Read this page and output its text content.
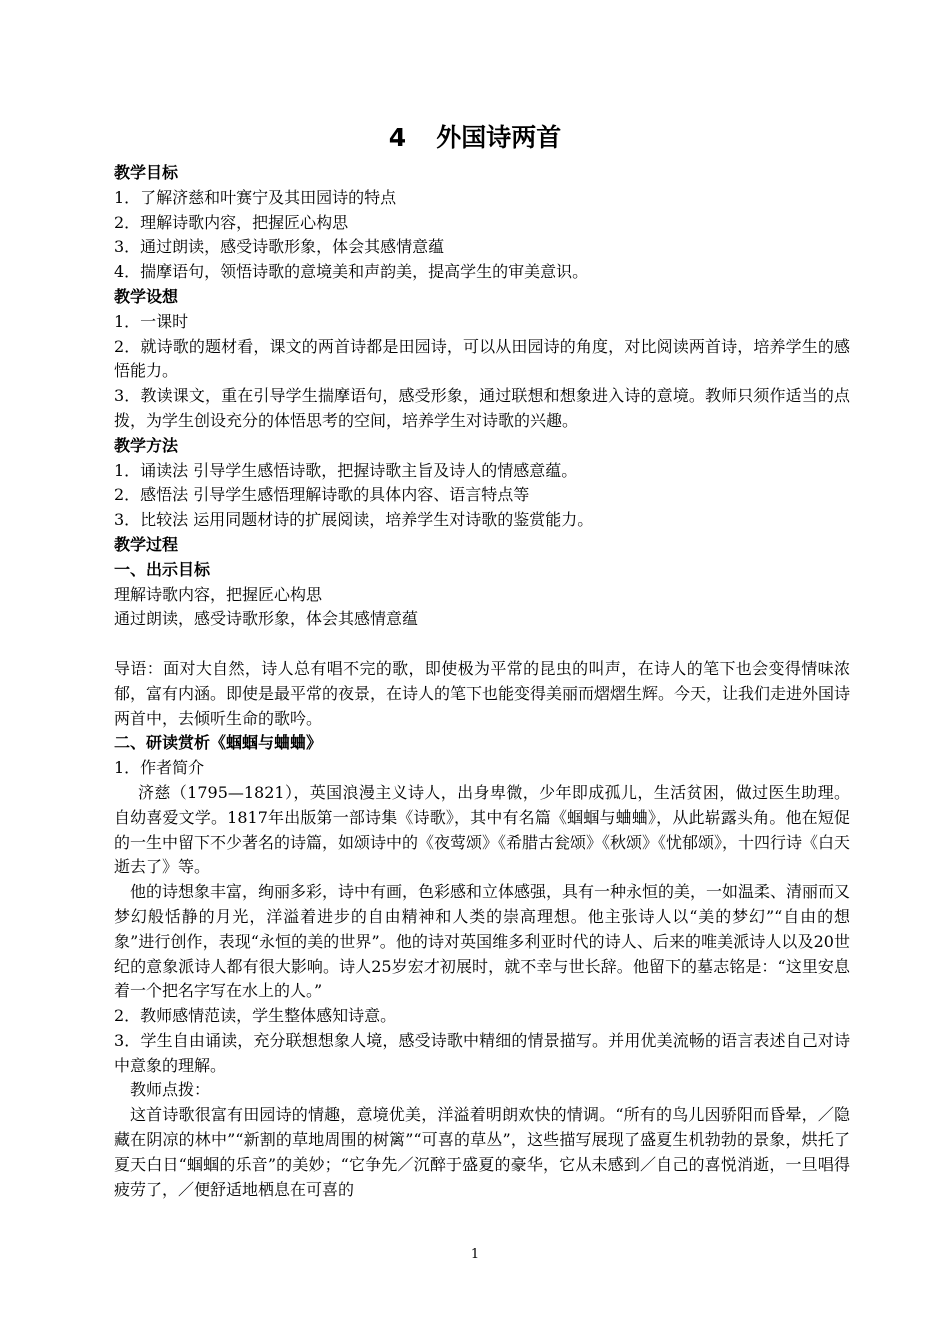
4 外国诗两首
教学目标

1．了解济慈和叶赛宁及其田园诗的特点

2．理解诗歌内容，把握匠心构思

3．通过朗读，感受诗歌形象，体会其感情意蕴

4．揣摩语句，领悟诗歌的意境美和声韵美，提高学生的审美意识。

教学设想

1．一课时

2．就诗歌的题材看，课文的两首诗都是田园诗，可以从田园诗的角度，对比阅读两首诗，培养学生的感悟能力。

3．教读课文，重在引导学生揣摩语句，感受形象，通过联想和想象进入诗的意境。教师只须作适当的点拨，为学生创设充分的体悟思考的空间，培养学生对诗歌的兴趣。

教学方法

1．诵读法 引导学生感悟诗歌，把握诗歌主旨及诗人的情感意蕴。

2．感悟法 引导学生感悟理解诗歌的具体内容、语言特点等

3．比较法 运用同题材诗的扩展阅读，培养学生对诗歌的鉴赏能力。

教学过程
一、出示目标

理解诗歌内容，把握匠心构思

通过朗读，感受诗歌形象，体会其感情意蕴

导语：面对大自然，诗人总有唱不完的歌，即使极为平常的昆虫的叫声，在诗人的笔下也会变得情味浓郁，富有内涵。即使是最平常的夜景，在诗人的笔下也能变得美丽而熠熠生辉。今天，让我们走进外国诗两首中，去倾听生命的歌吟。

二、研读赏析《蝈蝈与蛐蛐》

1．作者简介

济慈（1795—1821），英国浪漫主义诗人，出身卑微，少年即成孤儿，生活贫困，做过医生助理。自幼喜爱文学。1817年出版第一部诗集《诗歌》，其中有名篇《蝈蝈与蛐蛐》，从此崭露头角。他在短促的一生中留下不少著名的诗篇，如颂诗中的《夜莺颂》《希腊古瓮颂》《秋颂》《忧郁颂》，十四行诗《白天逝去了》等。

他的诗想象丰富，绚丽多彩，诗中有画，色彩感和立体感强，具有一种永恒的美，一如温柔、清丽而又梦幻般恬静的月光，洋溢着进步的自由精神和人类的崇高理想。他主张诗人以“美的梦幻”“自由的想象”进行创作，表现“永恒的美的世界”。他的诗对英国维多利亚时代的诗人、后来的唯美派诗人以及20世纪的意象派诗人都有很大影响。诗人25岁宏才初展时，就不幸与世长辞。他留下的墓志铭是：“这里安息着一个把名字写在水上的人。”

2．教师感情范读，学生整体感知诗意。

3．学生自由诵读，充分联想想象人境，感受诗歌中精细的情景描写。并用优美流畅的语言表述自己对诗中意象的理解。

教师点拨：

这首诗歌很富有田园诗的情趣，意境优美，洋溢着明朗欢快的情调。“所有的鸟儿因骄阳而昏晕，／隐藏在阴凉的林中”“新割的草地周围的树篱”“可喜的草丛”，这些描写展现了盛夏生机勃勃的景象，烘托了夏天白日“蝈蝈的乐音”的美妙；“它争先／沉醉于盛夏的豪华，它从未感到／自己的喜悦消逝，一旦唱得疲劳了，／便舒适地栖息在可喜的

1
